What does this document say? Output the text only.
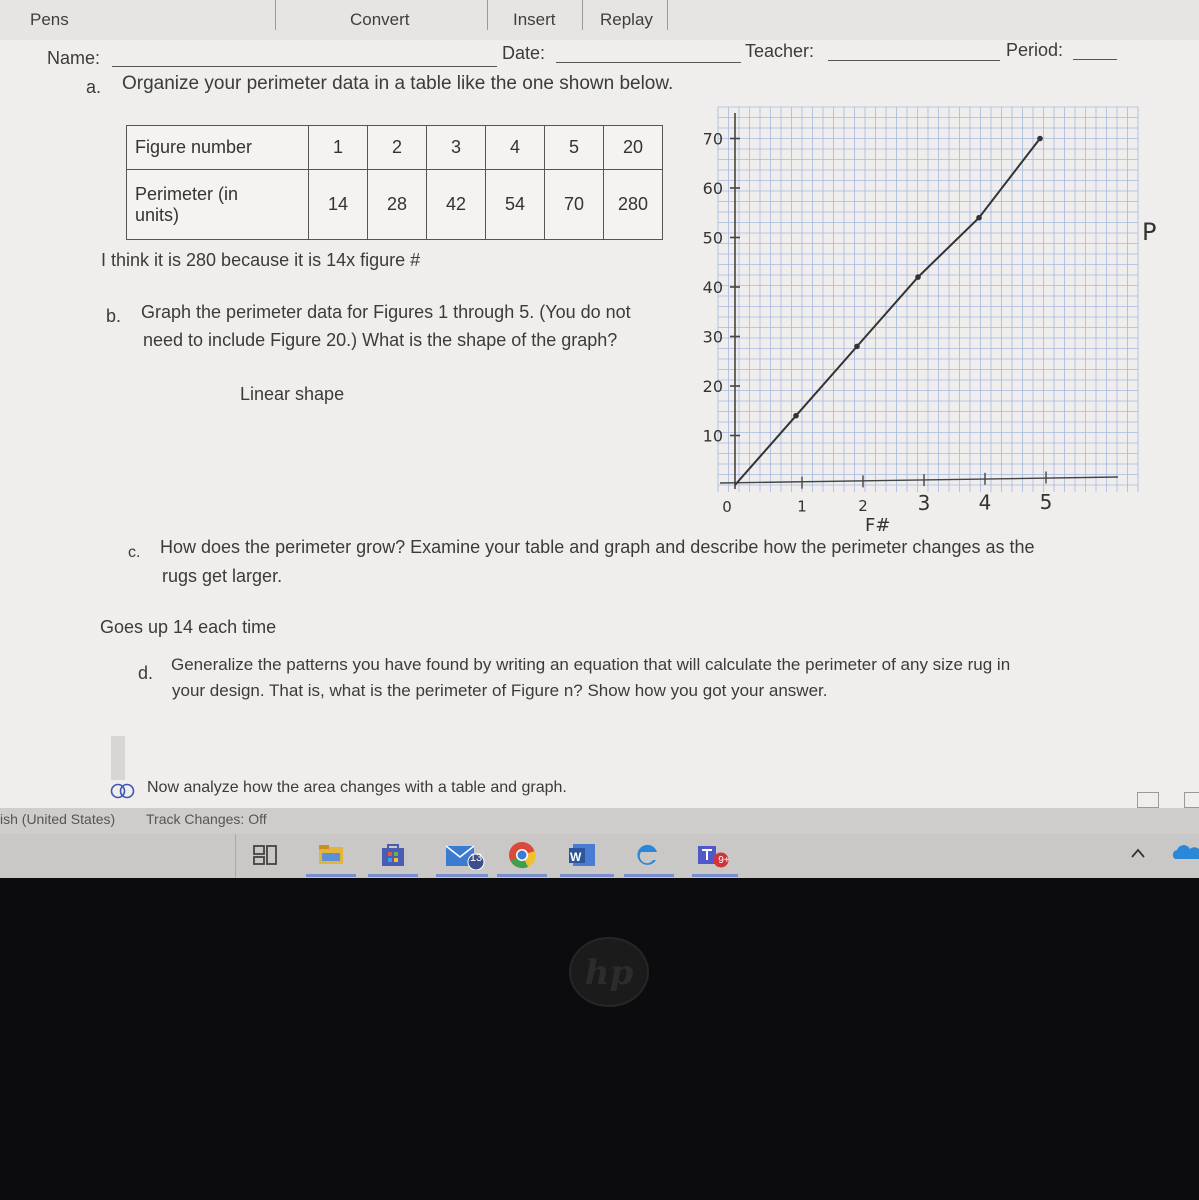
Pens	Convert	Insert	Replay
Name:	Date:	Teacher:	Period:
a. Organize your perimeter data in a table like the one shown below.
Figure number	1	2	3	4	5	20
Perimeter (in
units)	14	28	42	54	70	280
I think it is 280 because it is 14x figure #
b. Graph the perimeter data for Figures 1 through 5. (You do not
need to include Figure 20.) What is the shape of the graph?
Linear shape
10
20
30
40
50
60
70
0	1	2 3 4 5
F#
P
c. How does the perimeter grow? Examine your table and graph and describe how the perimeter changes as the
rugs get larger.
Goes up 14 each time
d. Generalize the patterns you have found by writing an equation that will calculate the perimeter of any size rug in
your design. That is, what is the perimeter of Figure n? Show how you got your answer.
Now analyze how the area changes with a table and graph.
ish (United States) Track Changes: Off
13	W	9+
hp
